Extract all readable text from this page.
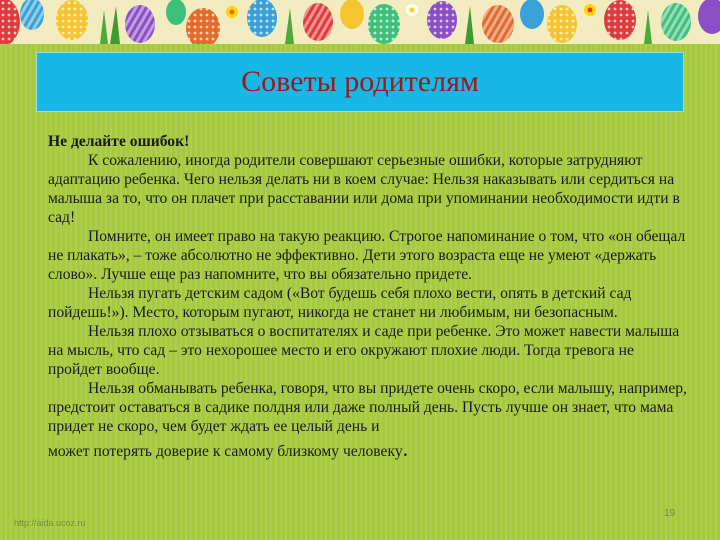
Советы родителям
Не делайте ошибок!

К сожалению, иногда родители совершают серьезные ошибки, которые затрудняют адаптацию ребенка. Чего нельзя делать ни в коем случае: Нельзя наказывать или сердиться на малыша за то, что он плачет при расставании или дома при упоминании необходимости идти в сад!

Помните, он имеет право на такую реакцию. Строгое напоминание о том, что «он обещал не плакать», – тоже абсолютно не эффективно. Дети этого возраста еще не умеют «держать слово». Лучше еще раз напомните, что вы обязательно придете.

Нельзя пугать детским садом («Вот будешь себя плохо вести, опять в детский сад пойдешь!»). Место, которым пугают, никогда не станет ни любимым, ни безопасным.

Нельзя плохо отзываться о воспитателях и саде при ребенке. Это может навести малыша на мысль, что сад – это нехорошее место и его окружают плохие люди. Тогда тревога не пройдет вообще.

Нельзя обманывать ребенка, говоря, что вы придете очень скоро, если малышу, например, предстоит оставаться в садике полдня или даже полный день. Пусть лучше он знает, что мама придет не скоро, чем будет ждать ее целый день и

может потерять доверие к самому близкому человеку.
http://aida.ucoz.ru
19
